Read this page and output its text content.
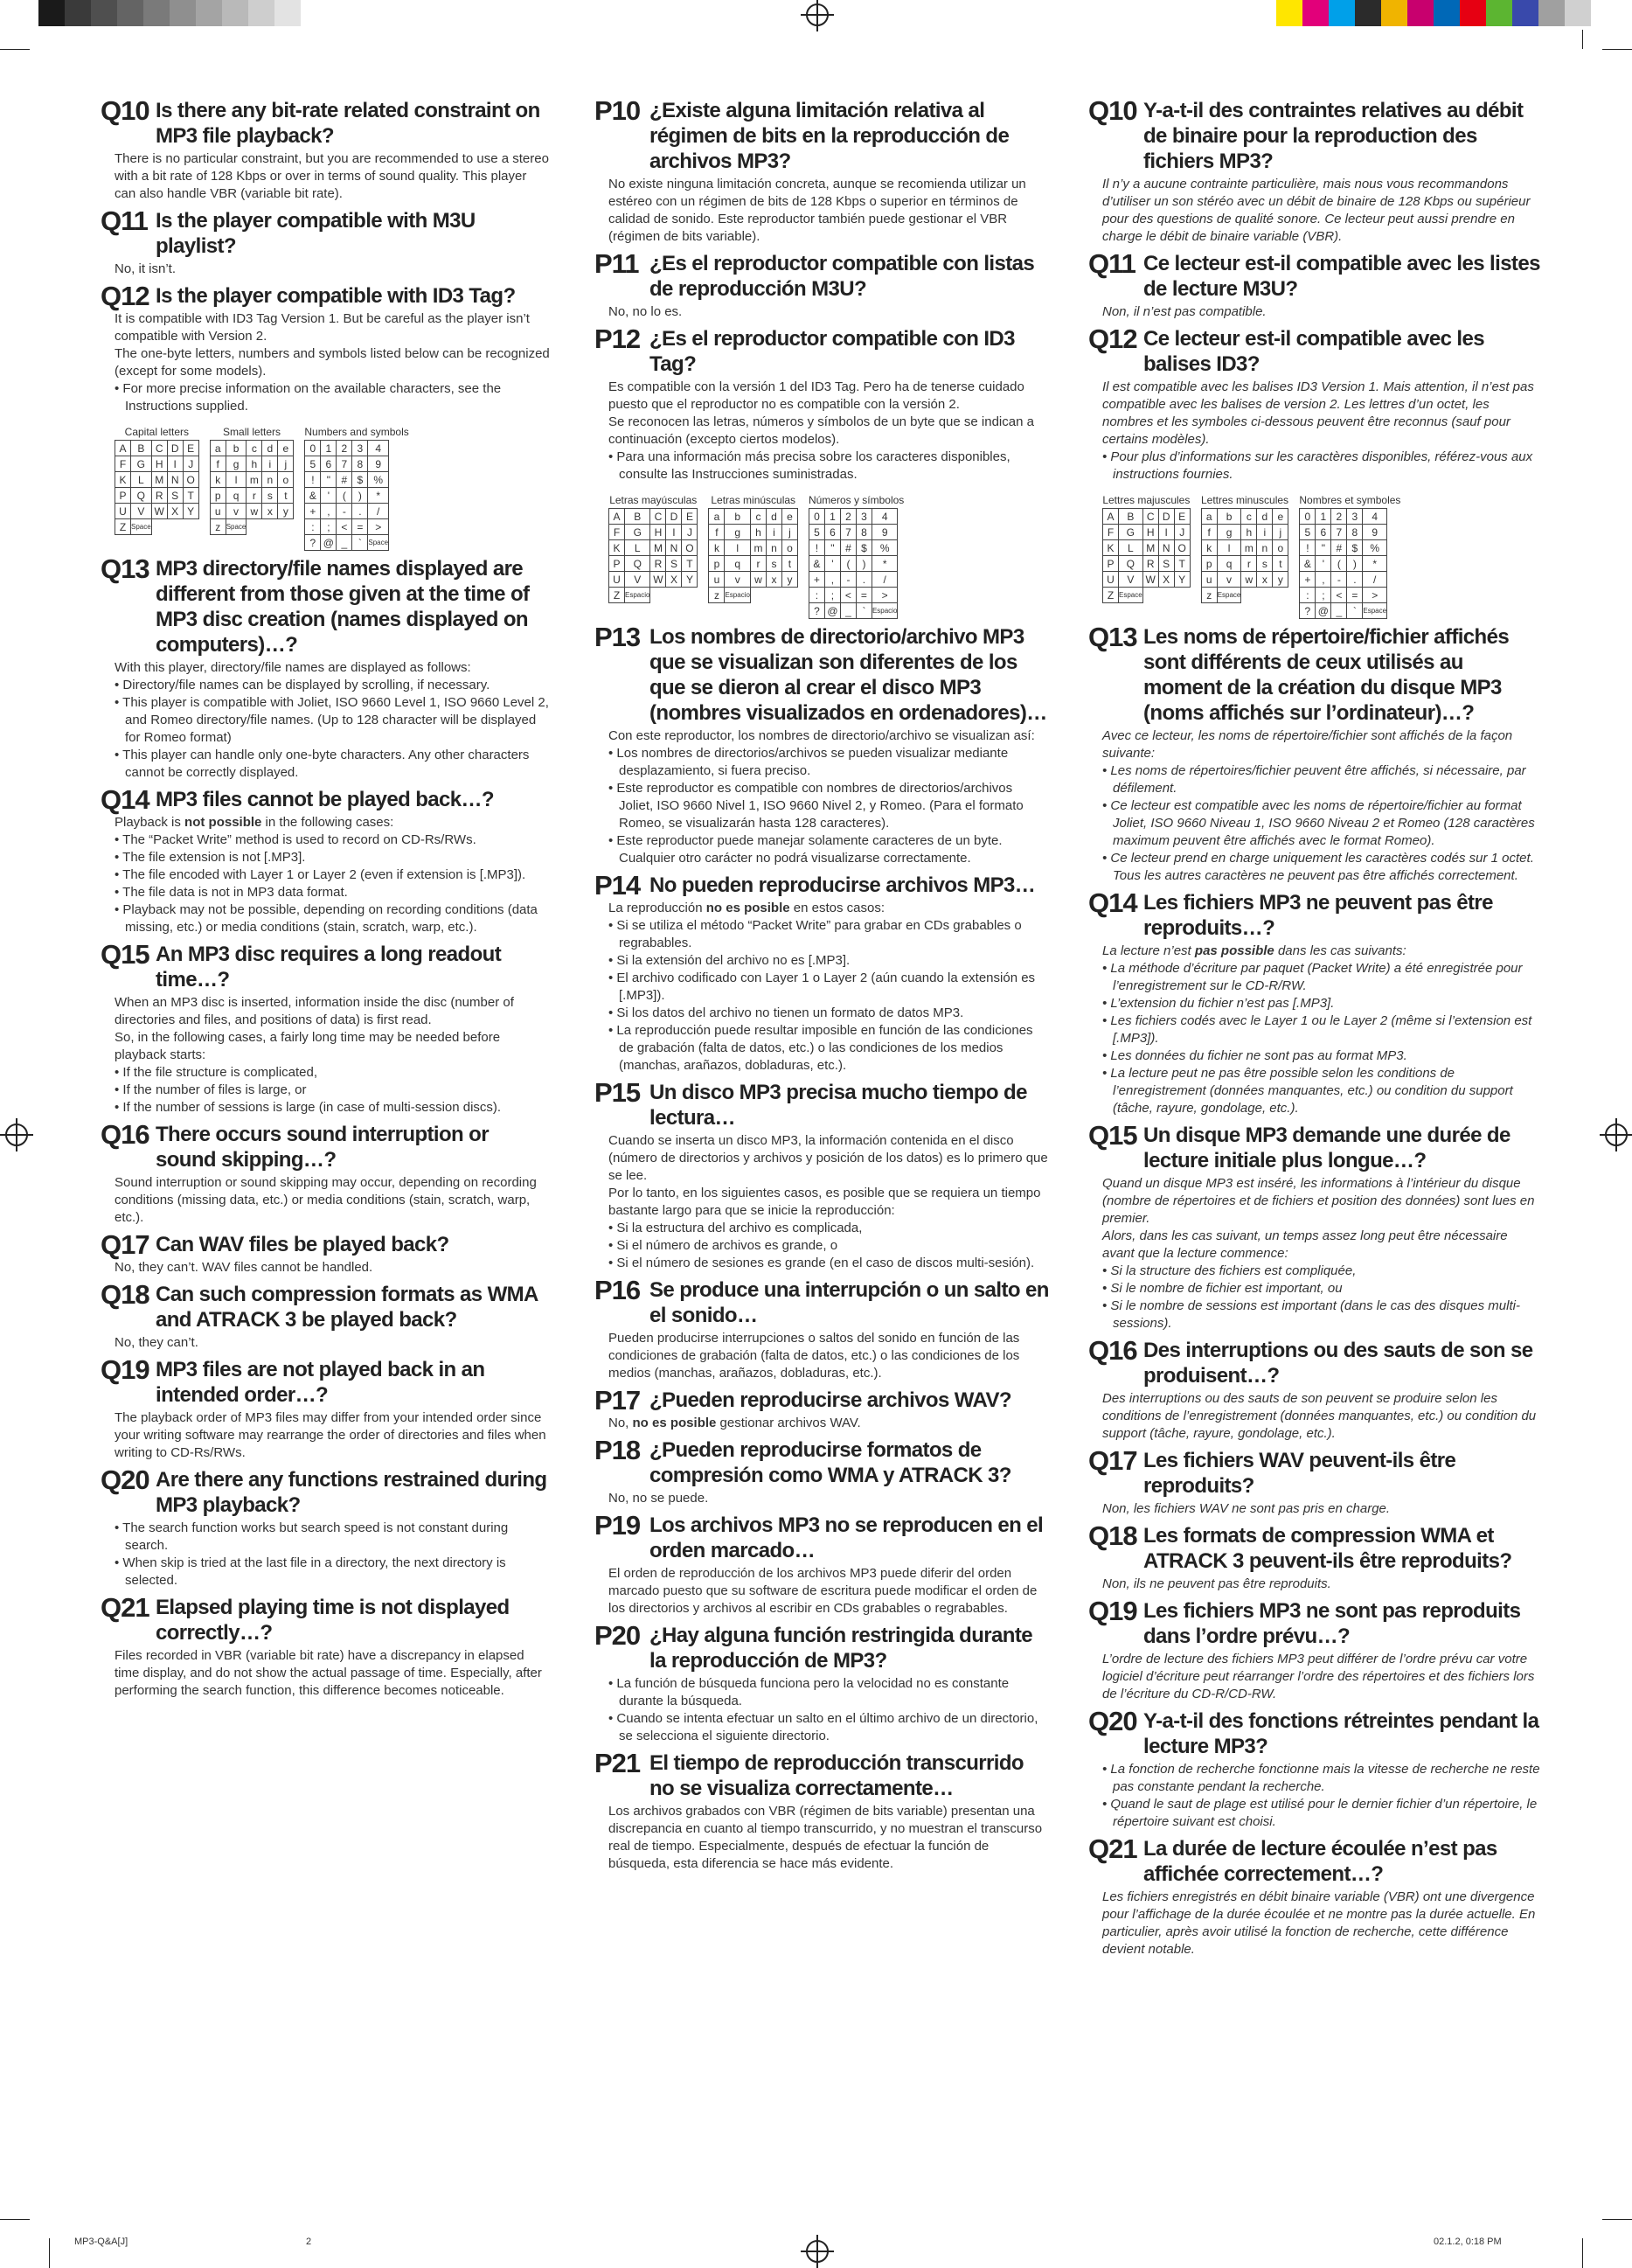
Q10 Is there any bit-rate related constraint on MP3 file playback?
There is no particular constraint, but you are recommended to use a stereo with a bit rate of 128 Kbps or over in terms of sound quality. This player can also handle VBR (variable bit rate).
Q11 Is the player compatible with M3U playlist?
No, it isn’t.
Q12 Is the player compatible with ID3 Tag?
It is compatible with ID3 Tag Version 1. But be careful as the player isn’t compatible with Version 2.
The one-byte letters, numbers and symbols listed below can be recognized (except for some models).
• For more precise information on the available characters, see the Instructions supplied.
Capital letters
A	B	C	D	E
F	G	H	I	J
K	L	M	N	O
P	Q	R	S	T
U	V	W	X	Y
Z	Space			
Small letters
a	b	c	d	e
f	g	h	i	j
k	l	m	n	o
p	q	r	s	t
u	v	w	x	y
z	Space			
Numbers and symbols
0	1	2	3	4
5	6	7	8	9
!	"	#	$	%
&	'	(	)	*
+	,	-	.	/
:	;	<	=	>
?	@	_	`	Space
Q13 MP3 directory/file names displayed are different from those given at the time of MP3 disc creation (names displayed on computers)…?
With this player, directory/file names are displayed as follows:
• Directory/file names can be displayed by scrolling, if necessary.
• This player is compatible with Joliet, ISO 9660 Level 1, ISO 9660 Level 2, and Romeo directory/file names. (Up to 128 character will be displayed for Romeo format)
• This player can handle only one-byte characters. Any other characters cannot be correctly displayed.
Q14 MP3 files cannot be played back…?
Playback is not possible in the following cases:
• The “Packet Write” method is used to record on CD-Rs/RWs.
• The file extension is not [.MP3].
• The file encoded with Layer 1 or Layer 2 (even if extension is [.MP3]).
• The file data is not in MP3 data format.
• Playback may not be possible, depending on recording conditions (data missing, etc.) or media conditions (stain, scratch, warp, etc.).
Q15 An MP3 disc requires a long readout time…?
When an MP3 disc is inserted, information inside the disc (number of directories and files, and positions of data) is first read.
So, in the following cases, a fairly long time may be needed before playback starts:
• If the file structure is complicated,
• If the number of files is large, or
• If the number of sessions is large (in case of multi-session discs).
Q16 There occurs sound interruption or sound skipping…?
Sound interruption or sound skipping may occur, depending on recording conditions (missing data, etc.) or media conditions (stain, scratch, warp, etc.).
Q17 Can WAV files be played back?
No, they can’t. WAV files cannot be handled.
Q18 Can such compression formats as WMA and ATRACK 3 be played back?
No, they can’t.
Q19 MP3 files are not played back in an intended order…?
The playback order of MP3 files may differ from your intended order since your writing software may rearrange the order of directories and files when writing to CD-Rs/RWs.
Q20 Are there any functions restrained during MP3 playback?
• The search function works but search speed is not constant during search.
• When skip is tried at the last file in a directory, the next directory is selected.
Q21 Elapsed playing time is not displayed correctly…?
Files recorded in VBR (variable bit rate) have a discrepancy in elapsed time display, and do not show the actual passage of time. Especially, after performing the search function, this difference becomes noticeable.
P10 ¿Existe alguna limitación relativa al régimen de bits en la reproducción de archivos MP3?
No existe ninguna limitación concreta, aunque se recomienda utilizar un estéreo con un régimen de bits de 128 Kbps o superior en términos de calidad de sonido. Este reproductor también puede gestionar el VBR (régimen de bits variable).
P11 ¿Es el reproductor compatible con listas de reproducción M3U?
No, no lo es.
P12 ¿Es el reproductor compatible con ID3 Tag?
Es compatible con la versión 1 del ID3 Tag. Pero ha de tenerse cuidado puesto que el reproductor no es compatible con la versión 2.
Se reconocen las letras, números y símbolos de un byte que se indican a continuación (excepto ciertos modelos).
• Para una información más precisa sobre los caracteres disponibles, consulte las Instrucciones suministradas.
Letras mayúsculas
A	B	C	D	E
F	G	H	I	J
K	L	M	N	O
P	Q	R	S	T
U	V	W	X	Y
Z	Espacio			
Letras minúsculas
a	b	c	d	e
f	g	h	i	j
k	l	m	n	o
p	q	r	s	t
u	v	w	x	y
z	Espacio			
Números y símbolos
0	1	2	3	4
5	6	7	8	9
!	"	#	$	%
&	'	(	)	*
+	,	-	.	/
:	;	<	=	>
?	@	_	`	Espacio
P13 Los nombres de directorio/archivo MP3 que se visualizan son diferentes de los que se dieron al crear el disco MP3 (nombres visualizados en ordenadores)…
Con este reproductor, los nombres de directorio/archivo se visualizan así:
• Los nombres de directorios/archivos se pueden visualizar mediante desplazamiento, si fuera preciso.
• Este reproductor es compatible con nombres de directorios/archivos Joliet, ISO 9660 Nivel 1, ISO 9660 Nivel 2, y Romeo. (Para el formato Romeo, se visualizarán hasta 128 caracteres).
• Este reproductor puede manejar solamente caracteres de un byte. Cualquier otro carácter no podrá visualizarse correctamente.
P14 No pueden reproducirse archivos MP3…
La reproducción no es posible en estos casos:
• Si se utiliza el método “Packet Write” para grabar en CDs grabables o regrabables.
• Si la extensión del archivo no es [.MP3].
• El archivo codificado con Layer 1 o Layer 2 (aún cuando la extensión es [.MP3]).
• Si los datos del archivo no tienen un formato de datos MP3.
• La reproducción puede resultar imposible en función de las condiciones de grabación (falta de datos, etc.) o las condiciones de los medios (manchas, arañazos, dobladuras, etc.).
P15 Un disco MP3 precisa mucho tiempo de lectura…
Cuando se inserta un disco MP3, la información contenida en el disco (número de directorios y archivos y posición de los datos) es lo primero que se lee.
Por lo tanto, en los siguientes casos, es posible que se requiera un tiempo bastante largo para que se inicie la reproducción:
• Si la estructura del archivo es complicada,
• Si el número de archivos es grande, o
• Si el número de sesiones es grande (en el caso de discos multi-sesión).
P16 Se produce una interrupción o un salto en el sonido…
Pueden producirse interrupciones o saltos del sonido en función de las condiciones de grabación (falta de datos, etc.) o las condiciones de los medios (manchas, arañazos, dobladuras, etc.).
P17 ¿Pueden reproducirse archivos WAV?
No, no es posible gestionar archivos WAV.
P18 ¿Pueden reproducirse formatos de compresión como WMA y ATRACK 3?
No, no se puede.
P19 Los archivos MP3 no se reproducen en el orden marcado…
El orden de reproducción de los archivos MP3 puede diferir del orden marcado puesto que su software de escritura puede modificar el orden de los directorios y archivos al escribir en CDs grabables o regrabables.
P20 ¿Hay alguna función restringida durante la reproducción de MP3?
• La función de búsqueda funciona pero la velocidad no es constante durante la búsqueda.
• Cuando se intenta efectuar un salto en el último archivo de un directorio, se selecciona el siguiente directorio.
P21 El tiempo de reproducción transcurrido no se visualiza correctamente…
Los archivos grabados con VBR (régimen de bits variable) presentan una discrepancia en cuanto al tiempo transcurrido, y no muestran el transcurso real de tiempo. Especialmente, después de efectuar la función de búsqueda, esta diferencia se hace más evidente.
Q10 Y-a-t-il des contraintes relatives au débit de binaire pour la reproduction des fichiers MP3?
Il n’y a aucune contrainte particulière, mais nous vous recommandons d’utiliser un son stéréo avec un débit de binaire de 128 Kbps ou supérieur pour des questions de qualité sonore. Ce lecteur peut aussi prendre en charge le débit de binaire variable (VBR).
Q11 Ce lecteur est-il compatible avec les listes de lecture M3U?
Non, il n’est pas compatible.
Q12 Ce lecteur est-il compatible avec les balises ID3?
Il est compatible avec les balises ID3 Version 1. Mais attention, il n’est pas compatible avec les balises de version 2. Les lettres d’un octet, les nombres et les symboles ci-dessous peuvent être reconnus (sauf pour certains modèles).
• Pour plus d’informations sur les caractères disponibles, référez-vous aux instructions fournies.
Lettres majuscules
A	B	C	D	E
F	G	H	I	J
K	L	M	N	O
P	Q	R	S	T
U	V	W	X	Y
Z	Espace			
Lettres minuscules
a	b	c	d	e
f	g	h	i	j
k	l	m	n	o
p	q	r	s	t
u	v	w	x	y
z	Espace			
Nombres et symboles
0	1	2	3	4
5	6	7	8	9
!	"	#	$	%
&	'	(	)	*
+	,	-	.	/
:	;	<	=	>
?	@	_	`	Espace
Q13 Les noms de répertoire/fichier affichés sont différents de ceux utilisés au moment de la création du disque MP3 (noms affichés sur l’ordinateur)…?
Avec ce lecteur, les noms de répertoire/fichier sont affichés de la façon suivante:
• Les noms de répertoires/fichier peuvent être affichés, si nécessaire, par défilement.
• Ce lecteur est compatible avec les noms de répertoire/fichier au format Joliet, ISO 9660 Niveau 1, ISO 9660 Niveau 2 et Romeo (128 caractères maximum peuvent être affichés avec le format Romeo).
• Ce lecteur prend en charge uniquement les caractères codés sur 1 octet. Tous les autres caractères ne peuvent pas être affichés correctement.
Q14 Les fichiers MP3 ne peuvent pas être reproduits…?
La lecture n’est pas possible dans les cas suivants:
• La méthode d’écriture par paquet (Packet Write) a été enregistrée pour l’enregistrement sur le CD-R/RW.
• L’extension du fichier n’est pas [.MP3].
• Les fichiers codés avec le Layer 1 ou le Layer 2 (même si l’extension est [.MP3]).
• Les données du fichier ne sont pas au format MP3.
• La lecture peut ne pas être possible selon les conditions de l’enregistrement (données manquantes, etc.) ou condition du support (tâche, rayure, gondolage, etc.).
Q15 Un disque MP3 demande une durée de lecture initiale plus longue…?
Quand un disque MP3 est inséré, les informations à l’intérieur du disque (nombre de répertoires et de fichiers et position des données) sont lues en premier.
Alors, dans les cas suivant, un temps assez long peut être nécessaire avant que la lecture commence:
• Si la structure des fichiers est compliquée,
• Si le nombre de fichier est important, ou
• Si le nombre de sessions est important (dans le cas des disques multi-sessions).
Q16 Des interruptions ou des sauts de son se produisent…?
Des interruptions ou des sauts de son peuvent se produire selon les conditions de l’enregistrement (données manquantes, etc.) ou condition du support (tâche, rayure, gondolage, etc.).
Q17 Les fichiers WAV peuvent-ils être reproduits?
Non, les fichiers WAV ne sont pas pris en charge.
Q18 Les formats de compression WMA et ATRACK 3 peuvent-ils être reproduits?
Non, ils ne peuvent pas être reproduits.
Q19 Les fichiers MP3 ne sont pas reproduits dans l’ordre prévu…?
L’ordre de lecture des fichiers MP3 peut différer de l’ordre prévu car votre logiciel d’écriture peut réarranger l’ordre des répertoires et des fichiers lors de l’écriture du CD-R/CD-RW.
Q20 Y-a-t-il des fonctions rétreintes pendant la lecture MP3?
• La fonction de recherche fonctionne mais la vitesse de recherche ne reste pas constante pendant la recherche.
• Quand le saut de plage est utilisé pour le dernier fichier d’un répertoire, le répertoire suivant est choisi.
Q21 La durée de lecture écoulée n’est pas affichée correctement…?
Les fichiers enregistrés en débit binaire variable (VBR) ont une divergence pour l’affichage de la durée écoulée et ne montre pas la durée actuelle. En particulier, après avoir utilisé la fonction de recherche, cette différence devient notable.
MP3-Q&A[J]	2	02.1.2, 0:18 PM
